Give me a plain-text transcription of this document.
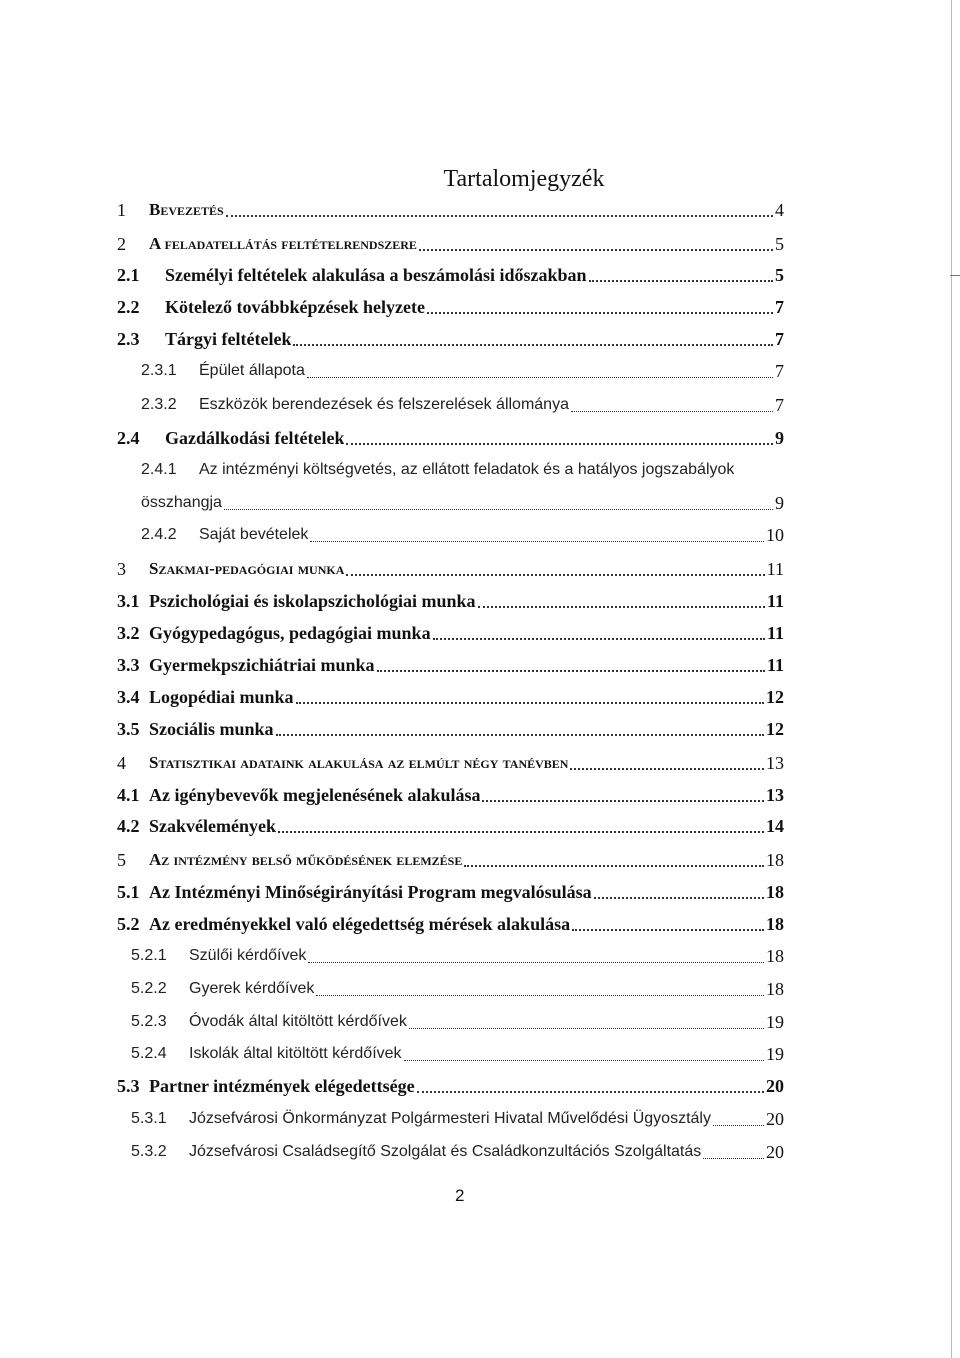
Tartalomjegyzék
1	Bevezetés	4
2	A feladatellátás feltételrendszere	5
2.1	Személyi feltételek alakulása a beszámolási időszakban	5
2.2	Kötelező továbbképzések helyzete	7
2.3	Tárgyi feltételek	7
2.3.1	Épület állapota	7
2.3.2	Eszközök berendezések és felszerelések állománya	7
2.4	Gazdálkodási feltételek	9
2.4.1	Az intézményi költségvetés, az ellátott feladatok és a hatályos jogszabályok
összhangja	9
2.4.2	Saját bevételek	10
3	Szakmai-pedagógiai munka	11
3.1 Pszichológiai és iskolapszichológiai munka	11
3.2 Gyógypedagógus, pedagógiai munka	11
3.3 Gyermekpszichiátriai munka	11
3.4 Logopédiai munka	12
3.5 Szociális munka	12
4	Statisztikai adataink alakulása az elmúlt négy tanévben	13
4.1 Az igénybevevők megjelenésének alakulása	13
4.2 Szakvélemények	14
5	Az intézmény belső működésének elemzése	18
5.1 Az Intézményi Minőségirányítási Program megvalósulása	18
5.2 Az eredményekkel való elégedettség mérések alakulása	18
5.2.1	Szülői kérdőívek	18
5.2.2	Gyerek kérdőívek	18
5.2.3	Óvodák által kitöltött kérdőívek	19
5.2.4	Iskolák által kitöltött kérdőívek	19
5.3 Partner intézmények elégedettsége	20
5.3.1	Józsefvárosi Önkormányzat Polgármesteri Hivatal Művelődési Ügyosztály	20
5.3.2	Józsefvárosi Családsegítő Szolgálat és Családkonzultációs Szolgáltatás	20
2
